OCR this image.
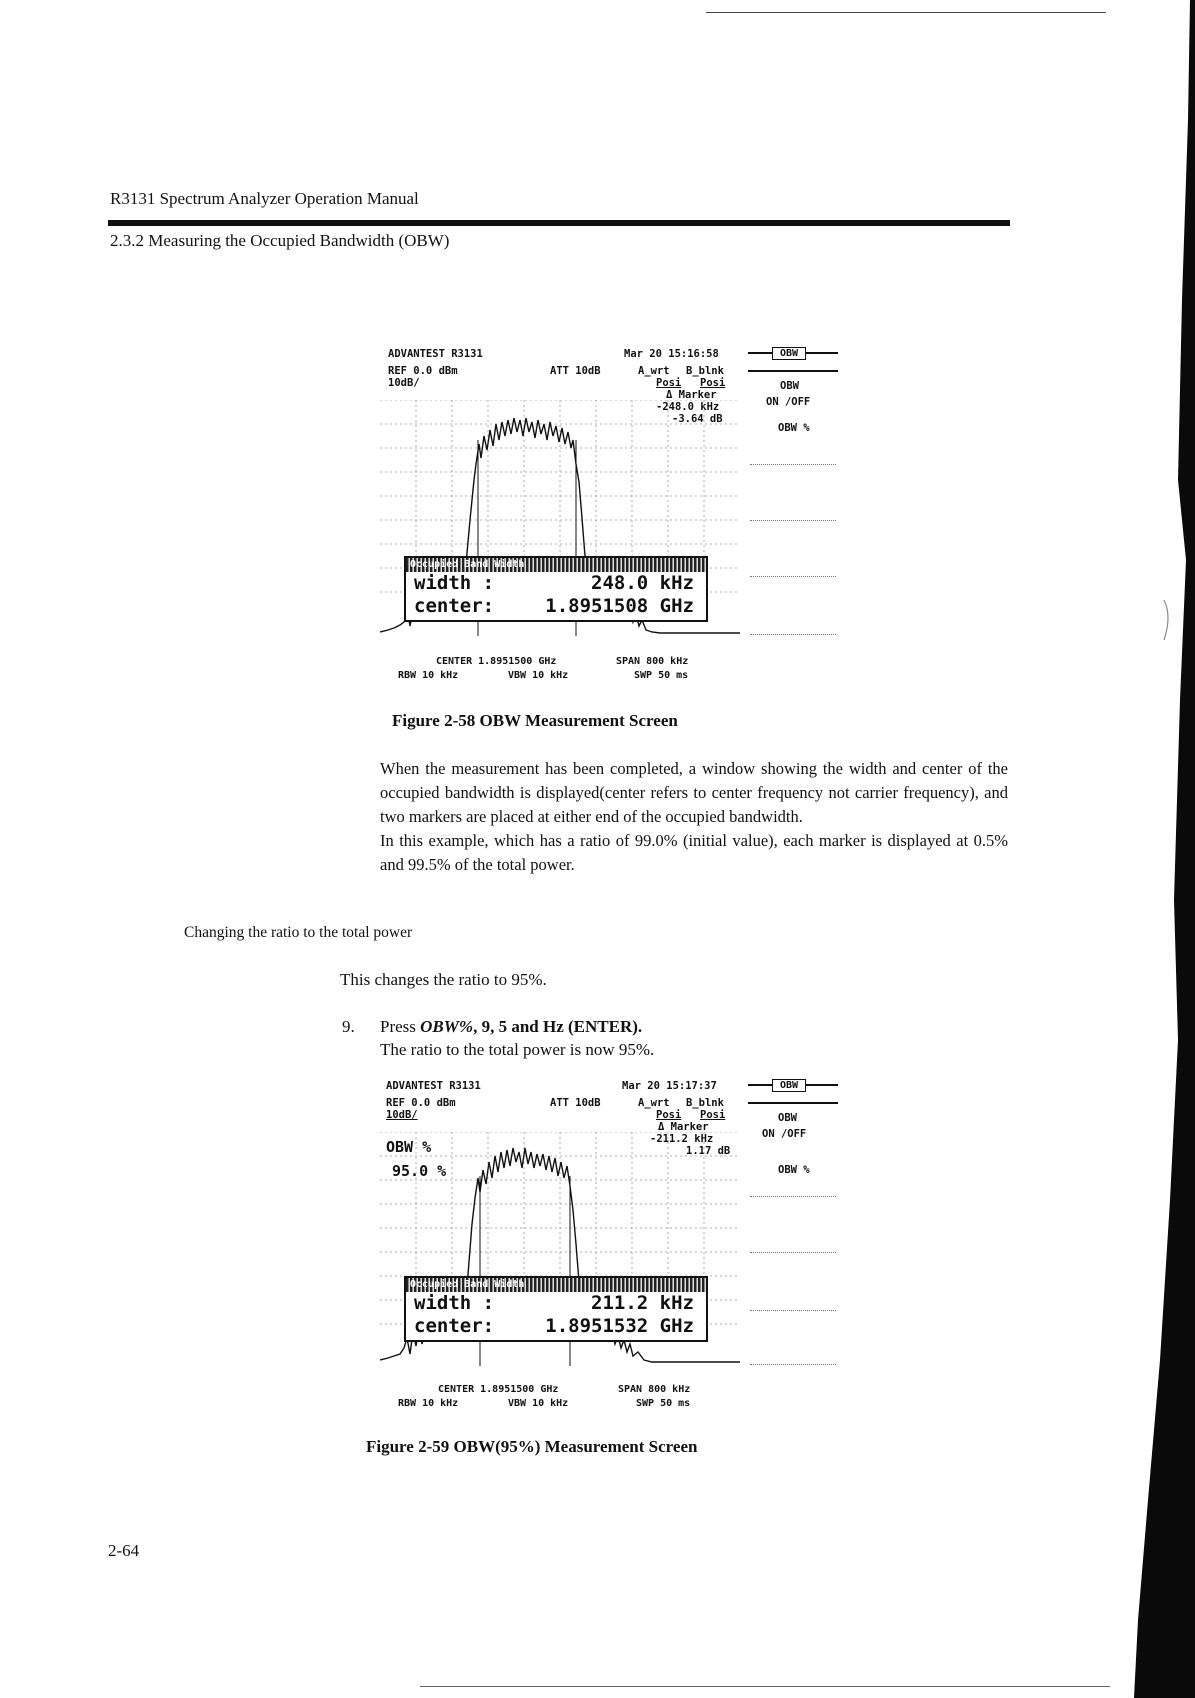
R3131 Spectrum Analyzer Operation Manual
2.3.2 Measuring the Occupied Bandwidth (OBW)
ADVANTEST R3131	Mar 20 15:16:58
REF 0.0 dBm
10dB/
ATT 10dB	A_wrt B_blnk
Posi Posi
Δ Marker
-248.0 kHz
-3.64 dB
OBW
OBW
ON /OFF
OBW %
Occupied Band Width
width :	248.0 kHz
center:	1.8951508 GHz
CENTER 1.8951500 GHz	SPAN 800 kHz
RBW 10 kHz	VBW 10 kHz	SWP 50 ms
Figure 2-58 OBW Measurement Screen

When the measurement has been completed, a window showing the width and center of the occupied bandwidth is displayed(center refers to center frequency not carrier frequency), and two markers are placed at either end of the occupied bandwidth.

In this example, which has a ratio of 99.0% (initial value), each marker is displayed at 0.5% and 99.5% of the total power.

Changing the ratio to the total power
This changes the ratio to 95%.
9. Press OBW%, 9, 5 and Hz (ENTER).
The ratio to the total power is now 95%.
ADVANTEST R3131	Mar 20 15:17:37
REF 0.0 dBm
10dB/
ATT 10dB	A_wrt B_blnk
Posi Posi
Δ Marker
-211.2 kHz
1.17 dB
OBW %
95.0 %
OBW
OBW
ON /OFF
OBW %
Occupied Band Width
width :	211.2 kHz
center:	1.8951532 GHz
CENTER 1.8951500 GHz	SPAN 800 kHz
RBW 10 kHz	VBW 10 kHz	SWP 50 ms
Figure 2-59 OBW(95%) Measurement Screen
2-64
